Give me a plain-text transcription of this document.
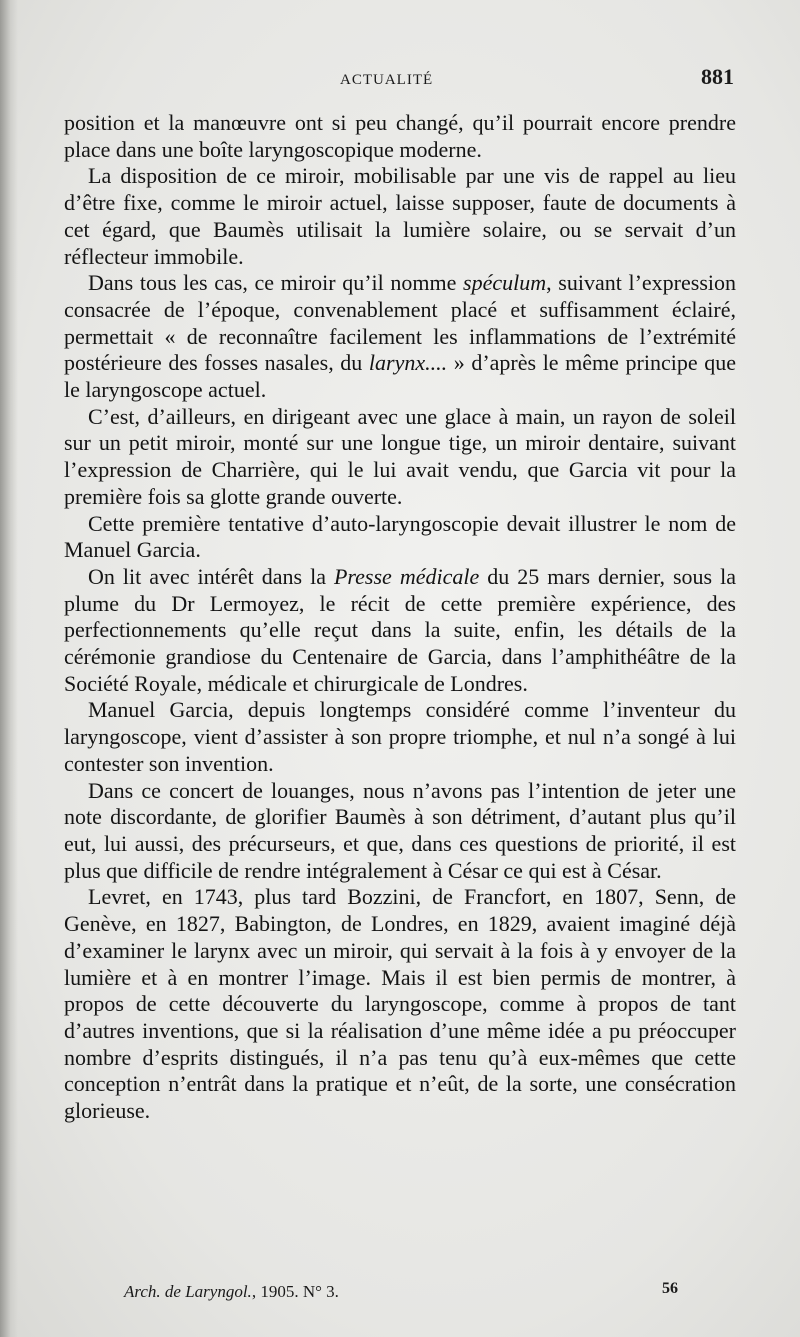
ACTUALITÉ	881

position et la manœuvre ont si peu changé, qu’il pourrait encore prendre place dans une boîte laryngoscopique moderne.

La disposition de ce miroir, mobilisable par une vis de rappel au lieu d’être fixe, comme le miroir actuel, laisse supposer, faute de documents à cet égard, que Baumès utilisait la lumière solaire, ou se servait d’un réflecteur immobile.

Dans tous les cas, ce miroir qu’il nomme spéculum, suivant l’expression consacrée de l’époque, convenablement placé et suffisamment éclairé, permettait « de reconnaître facilement les inflammations de l’extrémité postérieure des fosses nasales, du larynx.... » d’après le même principe que le laryngoscope actuel.

C’est, d’ailleurs, en dirigeant avec une glace à main, un rayon de soleil sur un petit miroir, monté sur une longue tige, un miroir dentaire, suivant l’expression de Charrière, qui le lui avait vendu, que Garcia vit pour la première fois sa glotte grande ouverte.

Cette première tentative d’auto-laryngoscopie devait illustrer le nom de Manuel Garcia.

On lit avec intérêt dans la Presse médicale du 25 mars dernier, sous la plume du Dr Lermoyez, le récit de cette première expérience, des perfectionnements qu’elle reçut dans la suite, enfin, les détails de la cérémonie grandiose du Centenaire de Garcia, dans l’amphithéâtre de la Société Royale, médicale et chirurgicale de Londres.

Manuel Garcia, depuis longtemps considéré comme l’inventeur du laryngoscope, vient d’assister à son propre triomphe, et nul n’a songé à lui contester son invention.

Dans ce concert de louanges, nous n’avons pas l’intention de jeter une note discordante, de glorifier Baumès à son détriment, d’autant plus qu’il eut, lui aussi, des précurseurs, et que, dans ces questions de priorité, il est plus que difficile de rendre intégralement à César ce qui est à César.

Levret, en 1743, plus tard Bozzini, de Francfort, en 1807, Senn, de Genève, en 1827, Babington, de Londres, en 1829, avaient imaginé déjà d’examiner le larynx avec un miroir, qui servait à la fois à y envoyer de la lumière et à en montrer l’image. Mais il est bien permis de montrer, à propos de cette découverte du laryngoscope, comme à propos de tant d’autres inventions, que si la réalisation d’une même idée a pu préoccuper nombre d’esprits distingués, il n’a pas tenu qu’à eux-mêmes que cette conception n’entrât dans la pratique et n’eût, de la sorte, une consécration glorieuse.

Arch. de Laryngol., 1905. N° 3.	56
